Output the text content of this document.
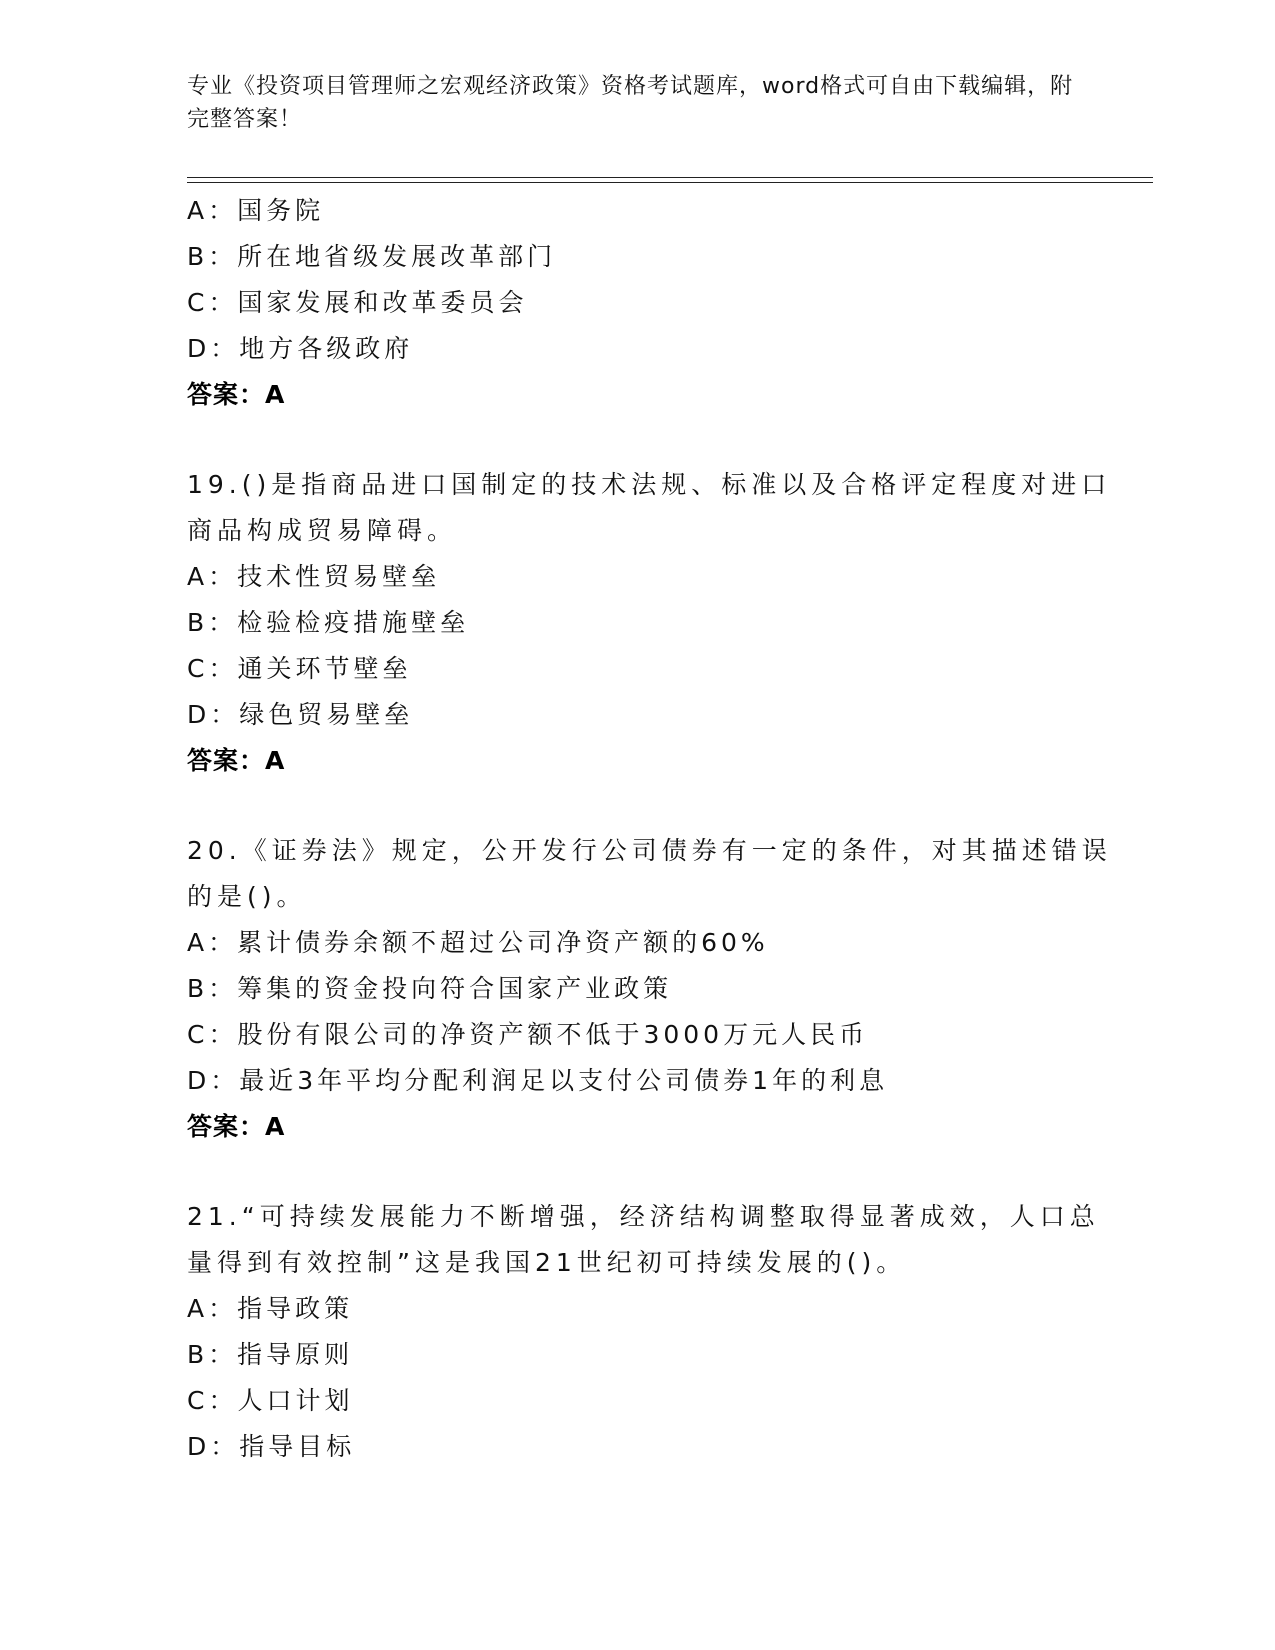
专业《投资项目管理师之宏观经济政策》资格考试题库，word格式可自由下载编辑，附完整答案！
A：国务院
B：所在地省级发展改革部门
C：国家发展和改革委员会
D：地方各级政府
答案：A
19.()是指商品进口国制定的技术法规、标准以及合格评定程度对进口
商品构成贸易障碍。
A：技术性贸易壁垒
B：检验检疫措施壁垒
C：通关环节壁垒
D：绿色贸易壁垒
答案：A
20.《证券法》规定，公开发行公司债券有一定的条件，对其描述错误
的是()。
A：累计债券余额不超过公司净资产额的60%
B：筹集的资金投向符合国家产业政策
C：股份有限公司的净资产额不低于3000万元人民币
D：最近3年平均分配利润足以支付公司债券1年的利息
答案：A
21.“可持续发展能力不断增强，经济结构调整取得显著成效，人口总
量得到有效控制”这是我国21世纪初可持续发展的()。
A：指导政策
B：指导原则
C：人口计划
D：指导目标
